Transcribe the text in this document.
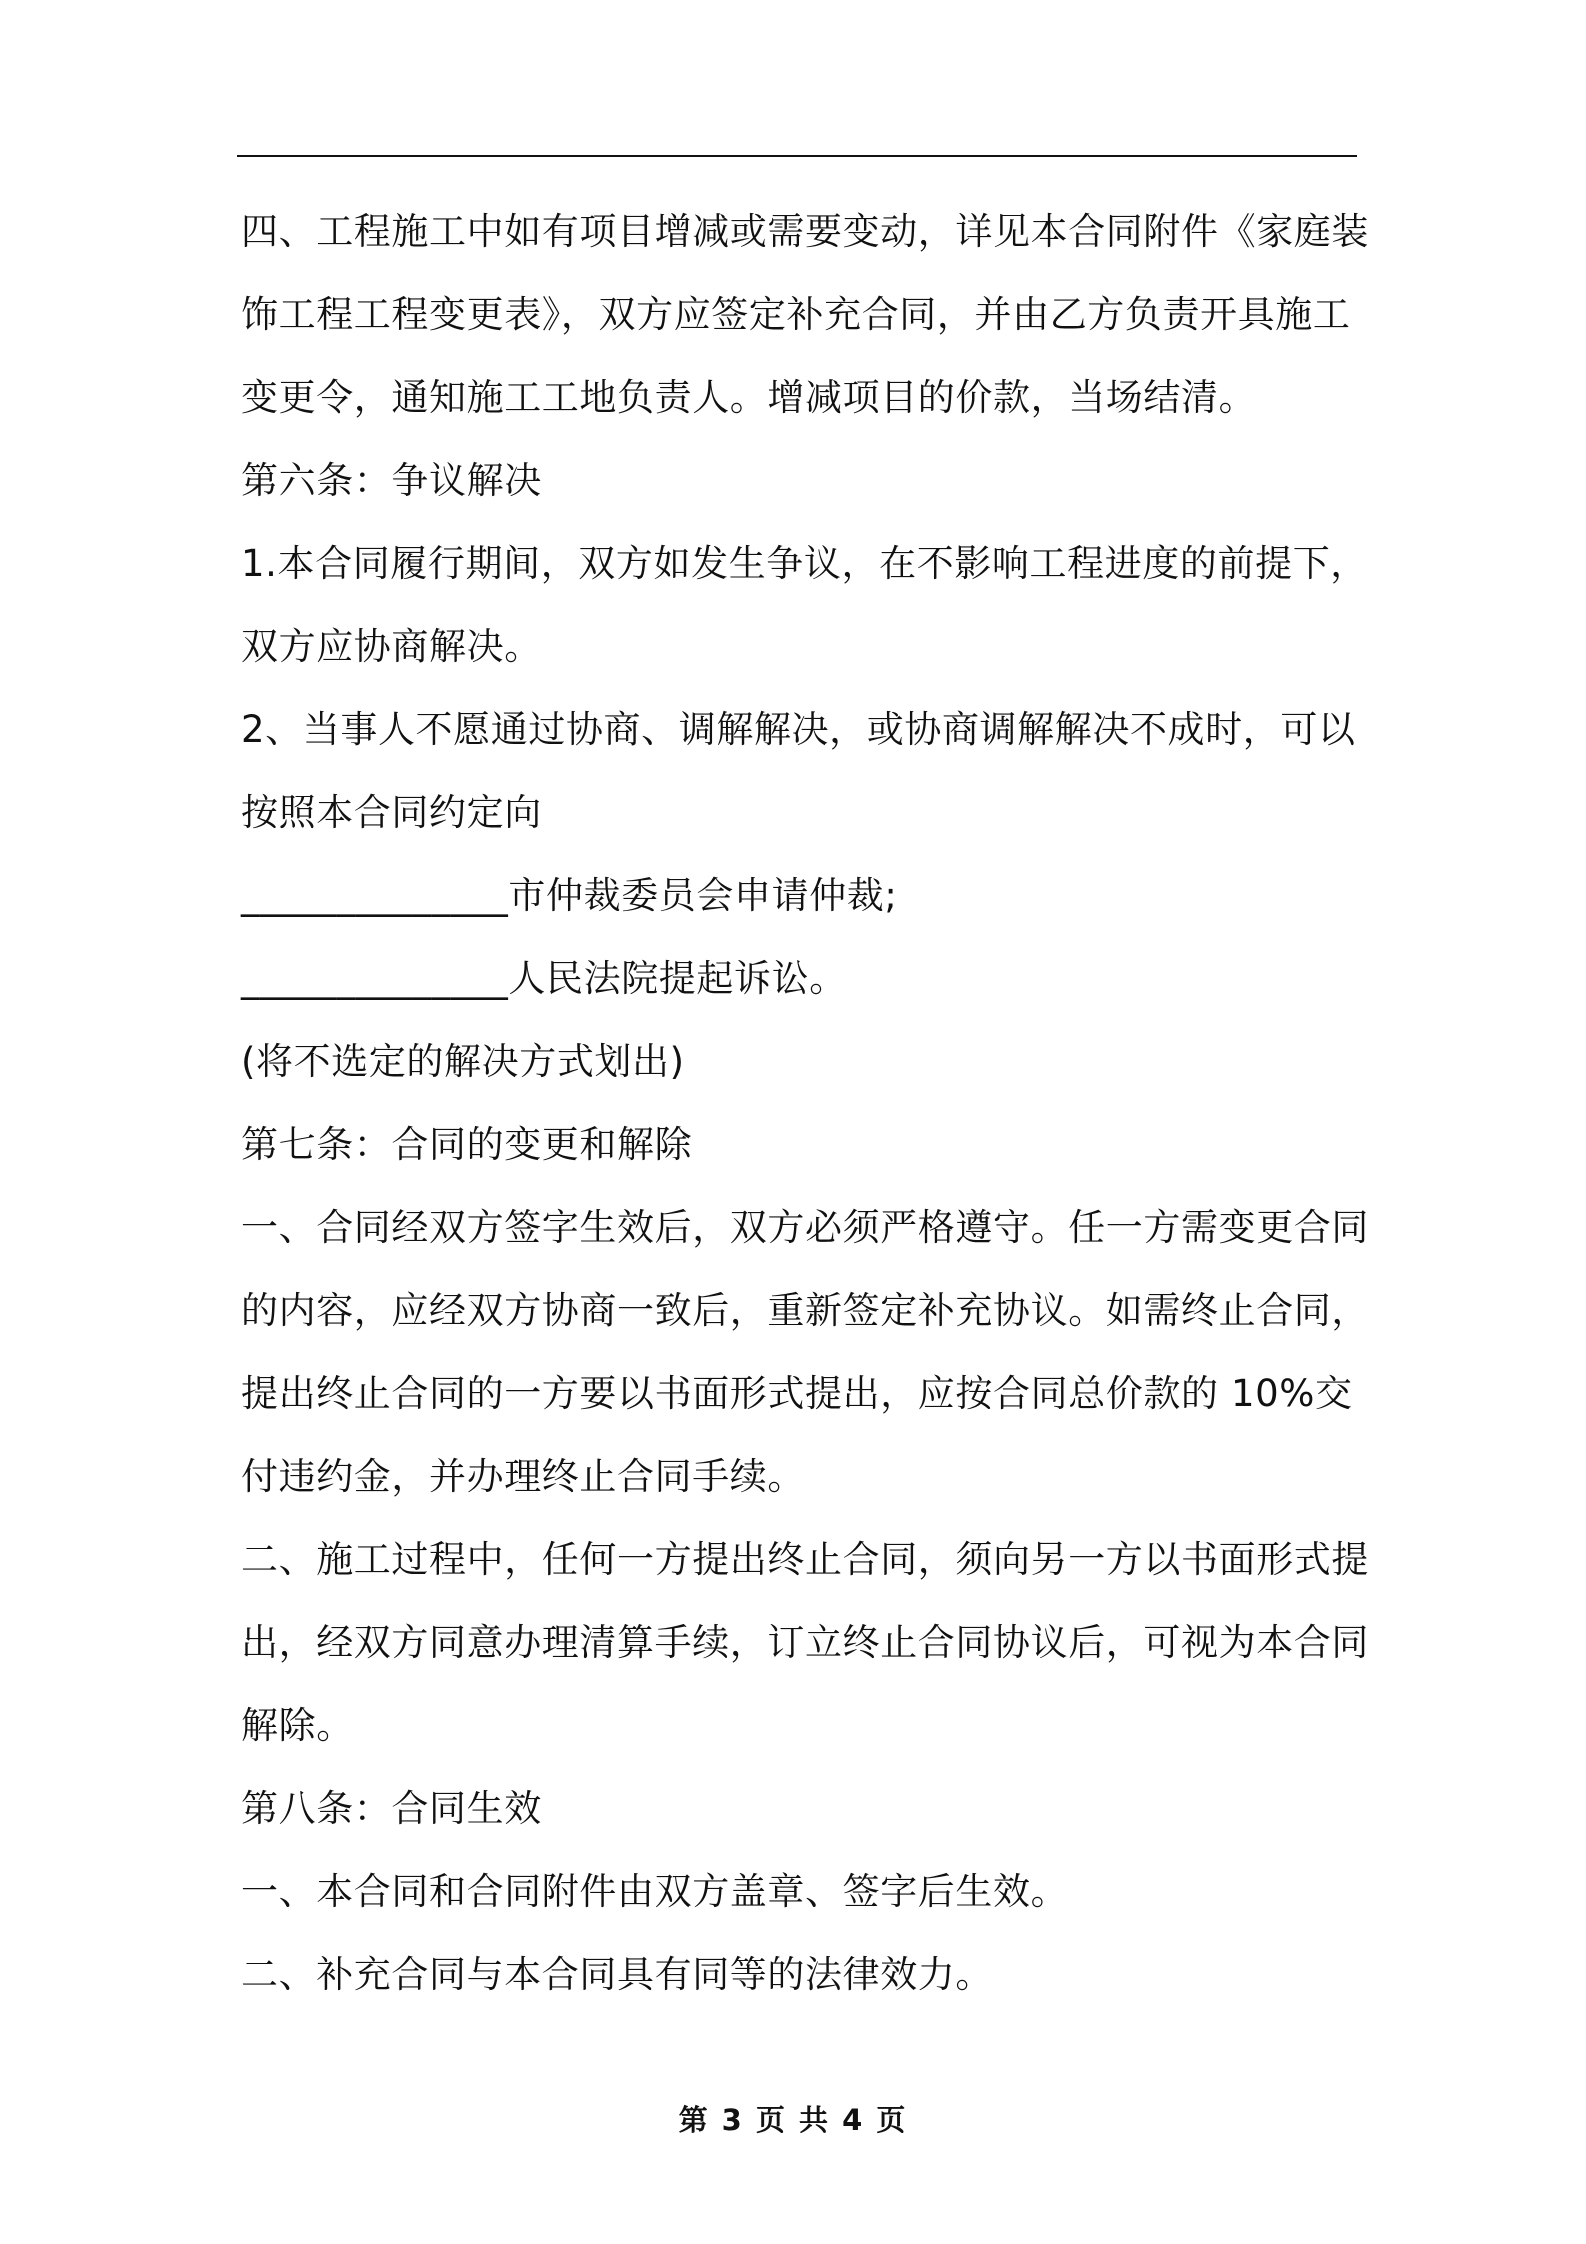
四、工程施工中如有项目增减或需要变动，详见本合同附件《家庭装
饰工程工程变更表》，双方应签定补充合同，并由乙方负责开具施工
变更令，通知施工工地负责人。增减项目的价款，当场结清。
第六条：争议解决
1.本合同履行期间，双方如发生争议，在不影响工程进度的前提下，
双方应协商解决。
2、当事人不愿通过协商、调解解决，或协商调解解决不成时，可以
按照本合同约定向
______________市仲裁委员会申请仲裁;
______________人民法院提起诉讼。
(将不选定的解决方式划出)
第七条：合同的变更和解除
一、合同经双方签字生效后，双方必须严格遵守。任一方需变更合同
的内容，应经双方协商一致后，重新签定补充协议。如需终止合同，
提出终止合同的一方要以书面形式提出，应按合同总价款的 10%交
付违约金，并办理终止合同手续。
二、施工过程中，任何一方提出终止合同，须向另一方以书面形式提
出，经双方同意办理清算手续，订立终止合同协议后，可视为本合同
解除。
第八条：合同生效
一、本合同和合同附件由双方盖章、签字后生效。
二、补充合同与本合同具有同等的法律效力。
第 3 页 共 4 页
